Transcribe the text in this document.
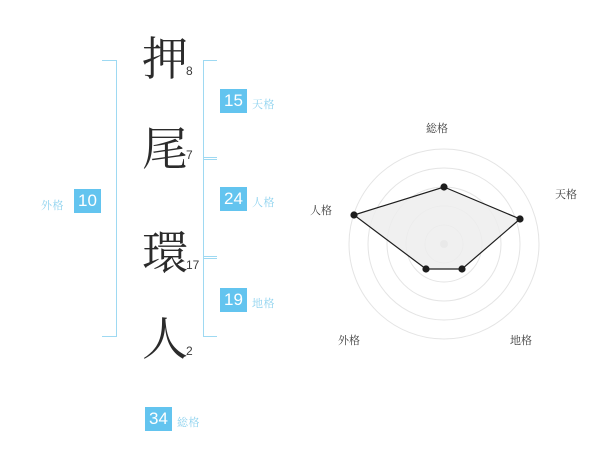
押
8
尾
7
環
17
人
2
外格 10
15 天格
24 人格
19 地格
34 総格
総格
天格
地格
外格
人格
